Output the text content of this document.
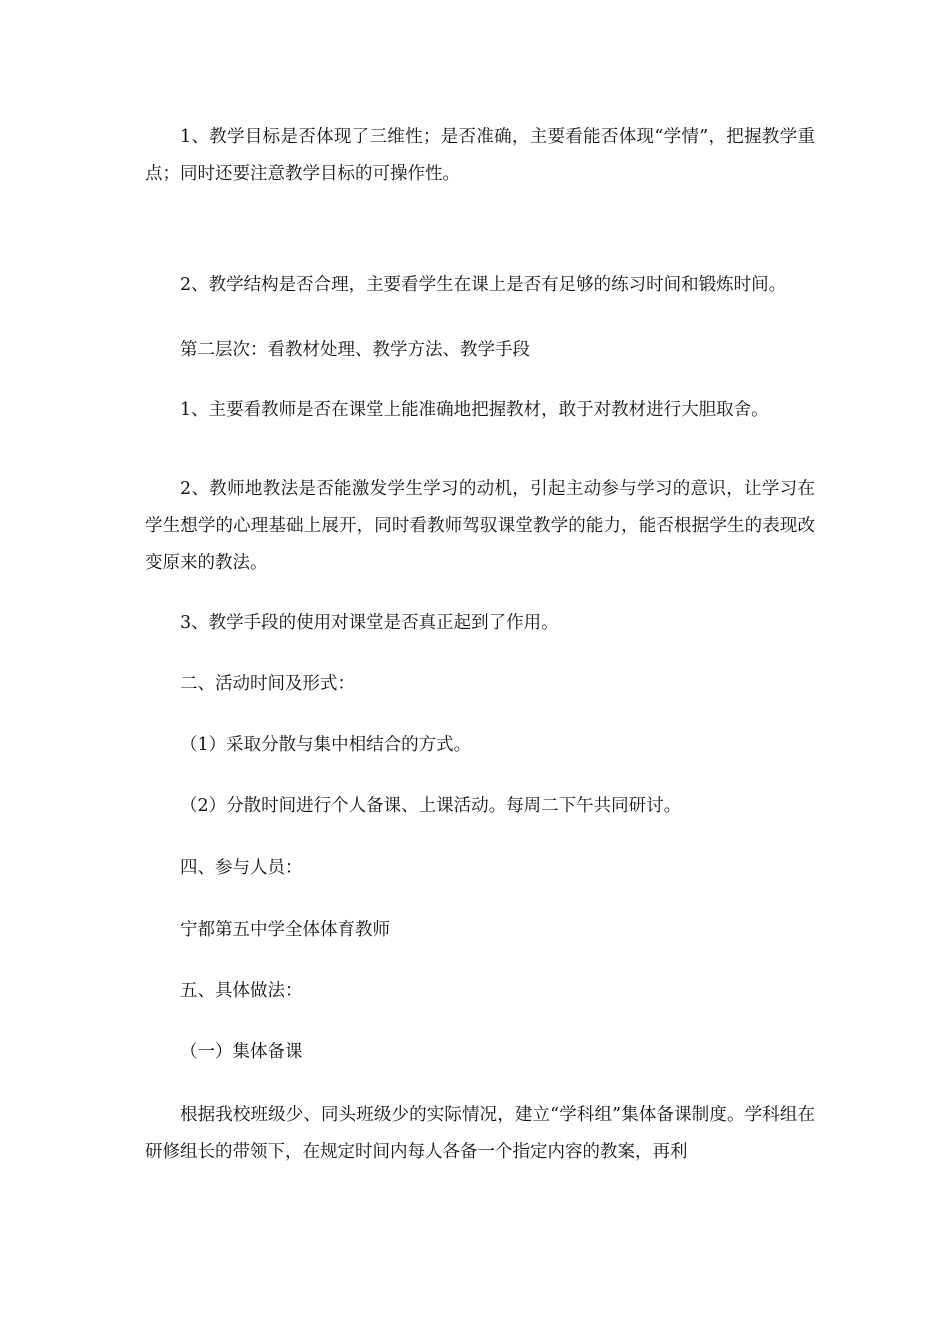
1、教学目标是否体现了三维性；是否准确，主要看能否体现“学情”，把握教学重点；同时还要注意教学目标的可操作性。

2、教学结构是否合理，主要看学生在课上是否有足够的练习时间和锻炼时间。

第二层次：看教材处理、教学方法、教学手段

1、主要看教师是否在课堂上能准确地把握教材，敢于对教材进行大胆取舍。

2、教师地教法是否能激发学生学习的动机，引起主动参与学习的意识，让学习在学生想学的心理基础上展开，同时看教师驾驭课堂教学的能力，能否根据学生的表现改变原来的教法。

3、教学手段的使用对课堂是否真正起到了作用。

二、活动时间及形式：

（1）采取分散与集中相结合的方式。

（2）分散时间进行个人备课、上课活动。每周二下午共同研讨。

四、参与人员：

宁都第五中学全体体育教师

五、具体做法：

（一）集体备课

根据我校班级少、同头班级少的实际情况，建立“学科组”集体备课制度。学科组在研修组长的带领下，在规定时间内每人各备一个指定内容的教案，再利
